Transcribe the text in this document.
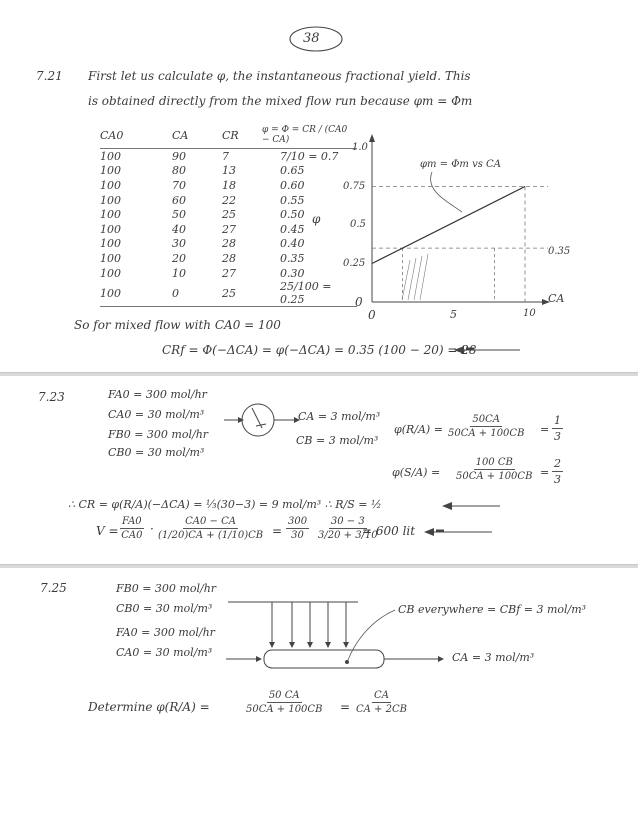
38
7.21 First let us calculate φ, the instantaneous fractional yield. This
is obtained directly from the mixed flow run because φm = Φm
CA0	CA	CR	φ = Φ = CR / (CA0 − CA)
100	90	7	7/10 = 0.7
100	80	13	0.65
100	70	18	0.60
100	60	22	0.55
100	50	25	0.50
100	40	27	0.45
100	30	28	0.40
100	20	28	0.35
100	10	27	0.30
100	0	25	25/100 = 0.25
1.0
0.75
0.5
0.25
0
φ
0	5	10
CA
φm = Φm vs CA
0.35
So for mixed flow with CA0 = 100
CRf = Φ(−ΔCA) = φ(−ΔCA) = 0.35 (100 − 20) = 28
7.23	FA0 = 300 mol/hr
CA0 = 30 mol/m³
FB0 = 300 mol/hr
CB0 = 30 mol/m³
CA = 3 mol/m³
CB = 3 mol/m³
$\varphi(R/A) = \frac{50CA}{50CA + 100CB} = \frac{1}{3}$
$\varphi(S/A) = \frac{100 CB}{50CA + 100CB} = \frac{2}{3}$
∴ CR = φ(R/A)(−ΔCA) = ⅓(30−3) = 9 mol/m³ ∴ R/S = ½
$V = \frac{FA0}{CA0} \cdot \frac{CA0 - CA}{(1/20)CA + (1/10)CB} = \frac{300}{30} \frac{30 - 3}{3/20 + 3/10}$
= 600 lit
7.25	FB0 = 300 mol/hr
CB0 = 30 mol/m³
FA0 = 300 mol/hr
CA0 = 30 mol/m³
CB everywhere = CBf = 3 mol/m³
CA = 3 mol/m³
Determine φ(R/A) =	$\frac{50 CA}{50CA + 100CB} = \frac{CA}{CA + 2CB}$
